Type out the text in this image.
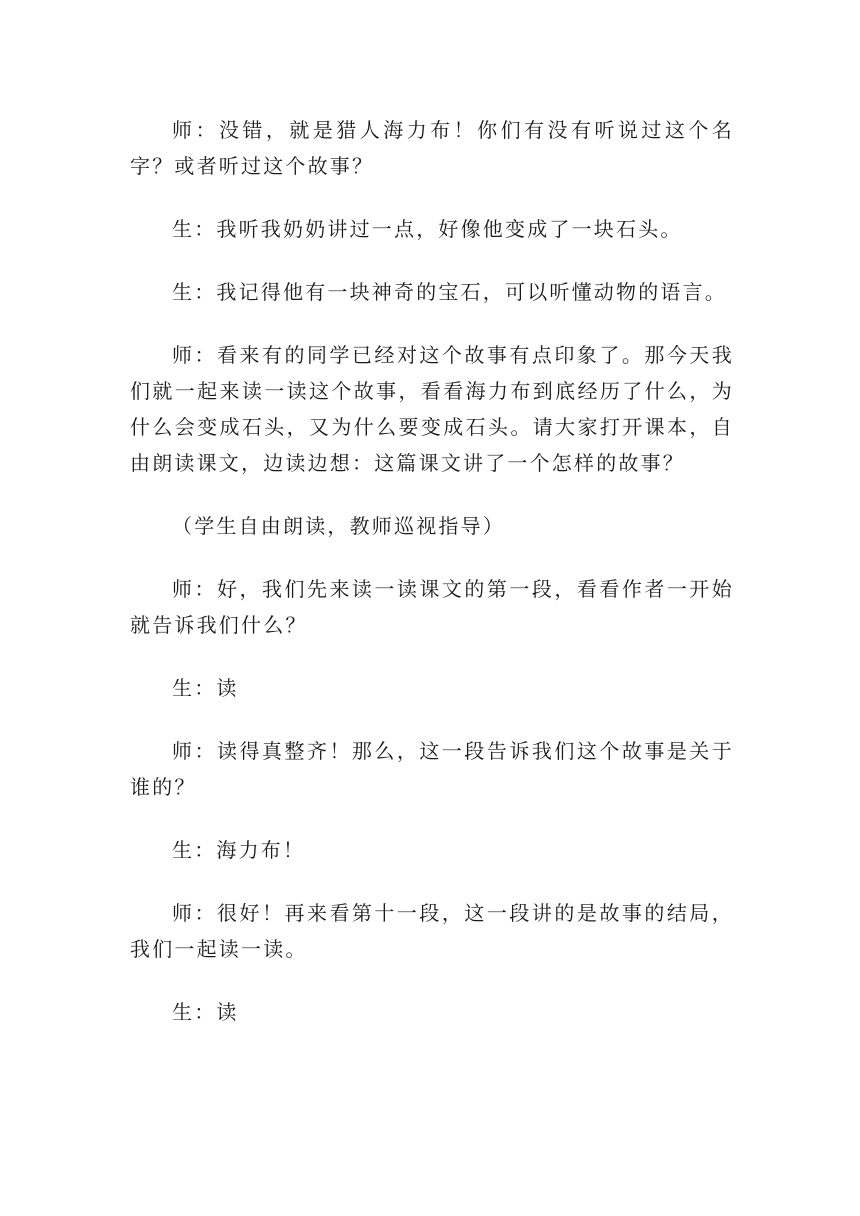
师：没错，就是猎人海力布！你们有没有听说过这个名字？或者听过这个故事？

生：我听我奶奶讲过一点，好像他变成了一块石头。

生：我记得他有一块神奇的宝石，可以听懂动物的语言。

师：看来有的同学已经对这个故事有点印象了。那今天我们就一起来读一读这个故事，看看海力布到底经历了什么，为什么会变成石头，又为什么要变成石头。请大家打开课本，自由朗读课文，边读边想：这篇课文讲了一个怎样的故事？

（学生自由朗读，教师巡视指导）

师：好，我们先来读一读课文的第一段，看看作者一开始就告诉我们什么？

生：读

师：读得真整齐！那么，这一段告诉我们这个故事是关于谁的？

生：海力布！

师：很好！再来看第十一段，这一段讲的是故事的结局，我们一起读一读。

生：读
